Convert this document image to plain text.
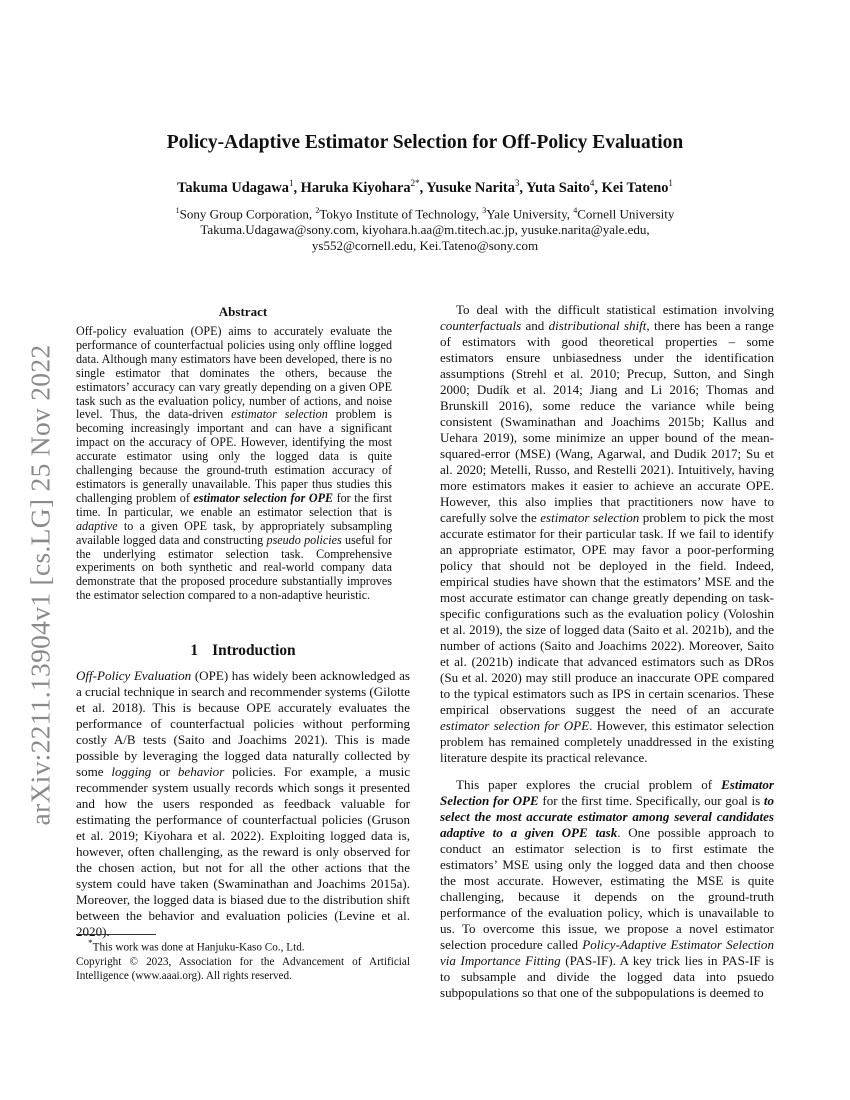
arXiv:2211.13904v1 [cs.LG] 25 Nov 2022
Policy-Adaptive Estimator Selection for Off-Policy Evaluation
Takuma Udagawa$^1$, Haruka Kiyohara$^{2*}$, Yusuke Narita$^3$, Yuta Saito$^4$, Kei Tateno$^1$
$^1$Sony Group Corporation, $^2$Tokyo Institute of Technology, $^3$Yale University, $^4$Cornell University
Takuma.Udagawa@sony.com, kiyohara.h.aa@m.titech.ac.jp, yusuke.narita@yale.edu,
ys552@cornell.edu, Kei.Tateno@sony.com
Abstract

Off-policy evaluation (OPE) aims to accurately evaluate the performance of counterfactual policies using only offline logged data. Although many estimators have been developed, there is no single estimator that dominates the others, because the estimators’ accuracy can vary greatly depending on a given OPE task such as the evaluation policy, number of actions, and noise level. Thus, the data-driven estimator selection problem is becoming increasingly important and can have a significant impact on the accuracy of OPE. However, identifying the most accurate estimator using only the logged data is quite challenging because the ground-truth estimation accuracy of estimators is generally unavailable. This paper thus studies this challenging problem of estimator selection for OPE for the first time. In particular, we enable an estimator selection that is adaptive to a given OPE task, by appropriately subsampling available logged data and constructing pseudo policies useful for the underlying estimator selection task. Comprehensive experiments on both synthetic and real-world company data demonstrate that the proposed procedure substantially improves the estimator selection compared to a non-adaptive heuristic.

1 Introduction

Off-Policy Evaluation (OPE) has widely been acknowledged as a crucial technique in search and recommender systems (Gilotte et al. 2018). This is because OPE accurately evaluates the performance of counterfactual policies without performing costly A/B tests (Saito and Joachims 2021). This is made possible by leveraging the logged data naturally collected by some logging or behavior policies. For example, a music recommender system usually records which songs it presented and how the users responded as feedback valuable for estimating the performance of counterfactual policies (Gruson et al. 2019; Kiyohara et al. 2022). Exploiting logged data is, however, often challenging, as the reward is only observed for the chosen action, but not for all the other actions that the system could have taken (Swaminathan and Joachims 2015a). Moreover, the logged data is biased due to the distribution shift between the behavior and evaluation policies (Levine et al. 2020).

*This work was done at Hanjuku-Kaso Co., Ltd.

Copyright © 2023, Association for the Advancement of Artificial Intelligence (www.aaai.org). All rights reserved.

To deal with the difficult statistical estimation involving counterfactuals and distributional shift, there has been a range of estimators with good theoretical properties – some estimators ensure unbiasedness under the identification assumptions (Strehl et al. 2010; Precup, Sutton, and Singh 2000; Dudík et al. 2014; Jiang and Li 2016; Thomas and Brunskill 2016), some reduce the variance while being consistent (Swaminathan and Joachims 2015b; Kallus and Uehara 2019), some minimize an upper bound of the mean-squared-error (MSE) (Wang, Agarwal, and Dudik 2017; Su et al. 2020; Metelli, Russo, and Restelli 2021). Intuitively, having more estimators makes it easier to achieve an accurate OPE. However, this also implies that practitioners now have to carefully solve the estimator selection problem to pick the most accurate estimator for their particular task. If we fail to identify an appropriate estimator, OPE may favor a poor-performing policy that should not be deployed in the field. Indeed, empirical studies have shown that the estimators’ MSE and the most accurate estimator can change greatly depending on task-specific configurations such as the evaluation policy (Voloshin et al. 2019), the size of logged data (Saito et al. 2021b), and the number of actions (Saito and Joachims 2022). Moreover, Saito et al. (2021b) indicate that advanced estimators such as DRos (Su et al. 2020) may still produce an inaccurate OPE compared to the typical estimators such as IPS in certain scenarios. These empirical observations suggest the need of an accurate estimator selection for OPE. However, this estimator selection problem has remained completely unaddressed in the existing literature despite its practical relevance.

This paper explores the crucial problem of Estimator Selection for OPE for the first time. Specifically, our goal is to select the most accurate estimator among several candidates adaptive to a given OPE task. One possible approach to conduct an estimator selection is to first estimate the estimators’ MSE using only the logged data and then choose the most accurate. However, estimating the MSE is quite challenging, because it depends on the ground-truth performance of the evaluation policy, which is unavailable to us. To overcome this issue, we propose a novel estimator selection procedure called Policy-Adaptive Estimator Selection via Importance Fitting (PAS-IF). A key trick lies in PAS-IF is to subsample and divide the logged data into psuedo subpopulations so that one of the subpopulations is deemed to
